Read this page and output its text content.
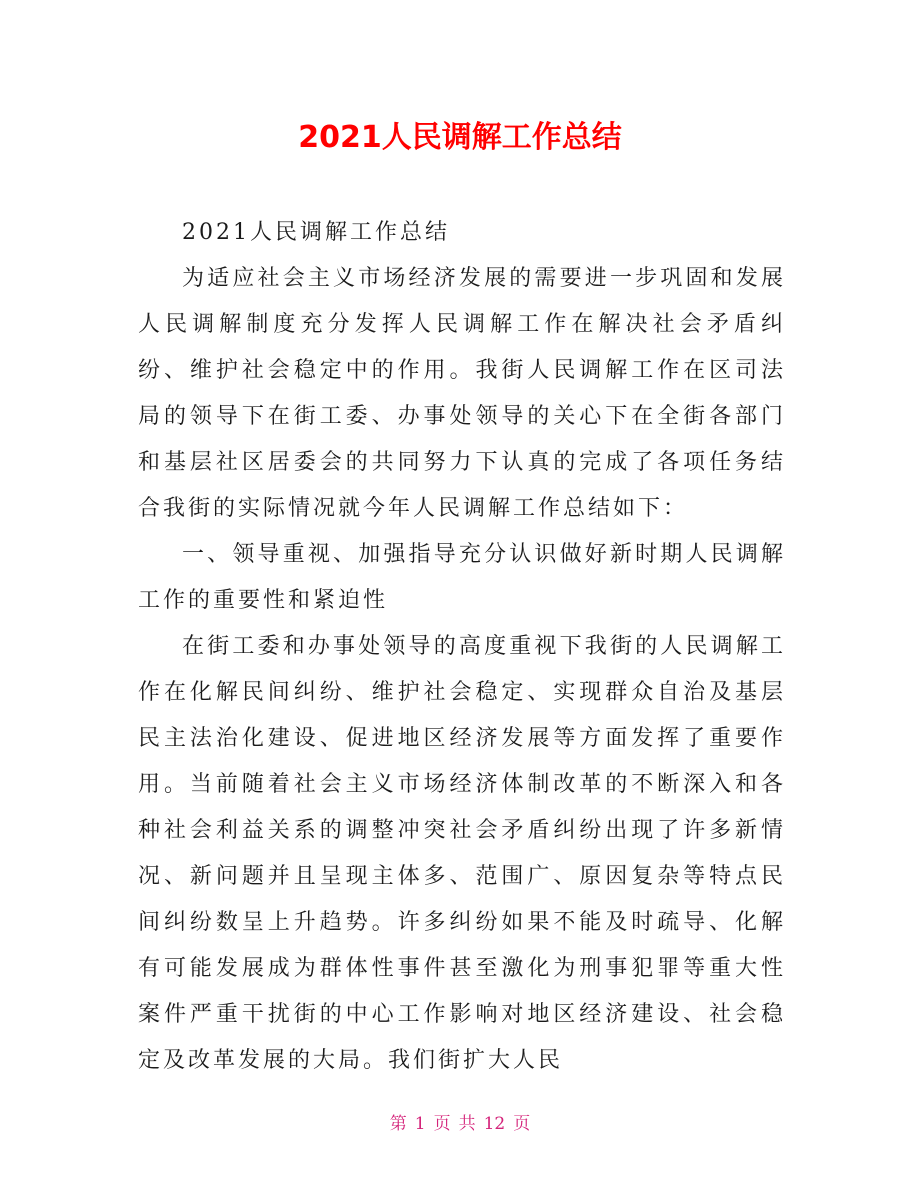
2021人民调解工作总结

2021人民调解工作总结

为适应社会主义市场经济发展的需要进一步巩固和发展人民调解制度充分发挥人民调解工作在解决社会矛盾纠纷、维护社会稳定中的作用。我街人民调解工作在区司法局的领导下在街工委、办事处领导的关心下在全街各部门和基层社区居委会的共同努力下认真的完成了各项任务结合我街的实际情况就今年人民调解工作总结如下：

一、领导重视、加强指导充分认识做好新时期人民调解工作的重要性和紧迫性

在街工委和办事处领导的高度重视下我街的人民调解工作在化解民间纠纷、维护社会稳定、实现群众自治及基层民主法治化建设、促进地区经济发展等方面发挥了重要作用。当前随着社会主义市场经济体制改革的不断深入和各种社会利益关系的调整冲突社会矛盾纠纷出现了许多新情况、新问题并且呈现主体多、范围广、原因复杂等特点民间纠纷数呈上升趋势。许多纠纷如果不能及时疏导、化解有可能发展成为群体性事件甚至激化为刑事犯罪等重大性案件严重干扰街的中心工作影响对地区经济建设、社会稳定及改革发展的大局。我们街扩大人民

第 1 页 共 12 页
